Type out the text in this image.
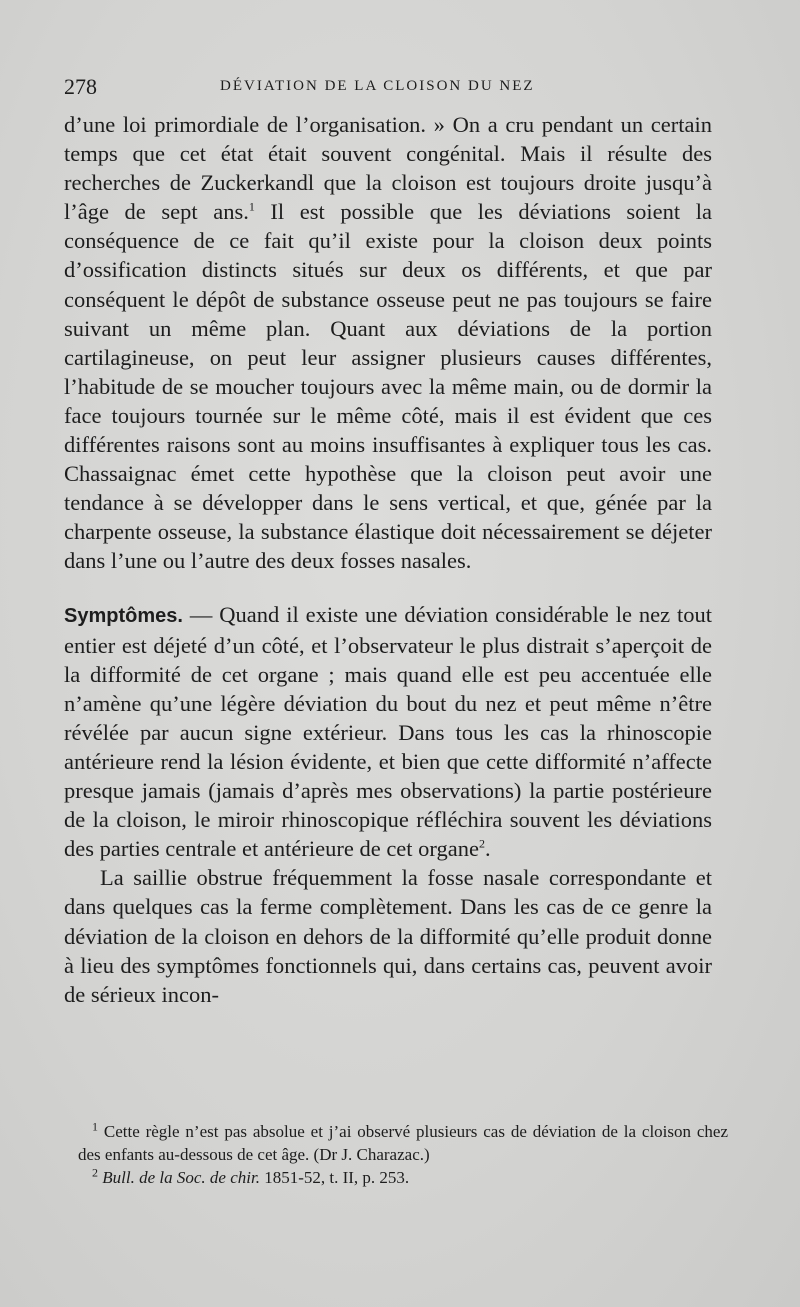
278	DÉVIATION DE LA CLOISON DU NEZ

d’une loi primordiale de l’organisation. » On a cru pendant un certain temps que cet état était souvent congénital. Mais il résulte des recherches de Zuckerkandl que la cloison est toujours droite jusqu’à l’âge de sept ans.$^1$ Il est possible que les déviations soient la conséquence de ce fait qu’il existe pour la cloison deux points d’ossification distincts situés sur deux os différents, et que par conséquent le dépôt de substance osseuse peut ne pas toujours se faire suivant un même plan. Quant aux déviations de la portion cartilagineuse, on peut leur assigner plusieurs causes différentes, l’habitude de se moucher toujours avec la même main, ou de dormir la face toujours tournée sur le même côté, mais il est évident que ces différentes raisons sont au moins insuffisantes à expliquer tous les cas. Chassaignac émet cette hypothèse que la cloison peut avoir une tendance à se développer dans le sens vertical, et que, génée par la charpente osseuse, la substance élastique doit nécessairement se déjeter dans l’une ou l’autre des deux fosses nasales.

Symptômes. — Quand il existe une déviation considérable le nez tout entier est déjeté d’un côté, et l’observateur le plus distrait s’aperçoit de la difformité de cet organe ; mais quand elle est peu accentuée elle n’amène qu’une légère déviation du bout du nez et peut même n’être révélée par aucun signe extérieur. Dans tous les cas la rhinoscopie antérieure rend la lésion évidente, et bien que cette difformité n’affecte presque jamais (jamais d’après mes observations) la partie postérieure de la cloison, le miroir rhinoscopique réfléchira souvent les déviations des parties centrale et antérieure de cet organe$^2$.

La saillie obstrue fréquemment la fosse nasale correspondante et dans quelques cas la ferme complètement. Dans les cas de ce genre la déviation de la cloison en dehors de la difformité qu’elle produit donne à lieu des symptômes fonctionnels qui, dans certains cas, peuvent avoir de sérieux incon-

$^1$ Cette règle n’est pas absolue et j’ai observé plusieurs cas de déviation de la cloison chez des enfants au-dessous de cet âge. (Dr J. Charazac.)

$^2$ Bull. de la Soc. de chir. 1851-52, t. II, p. 253.
